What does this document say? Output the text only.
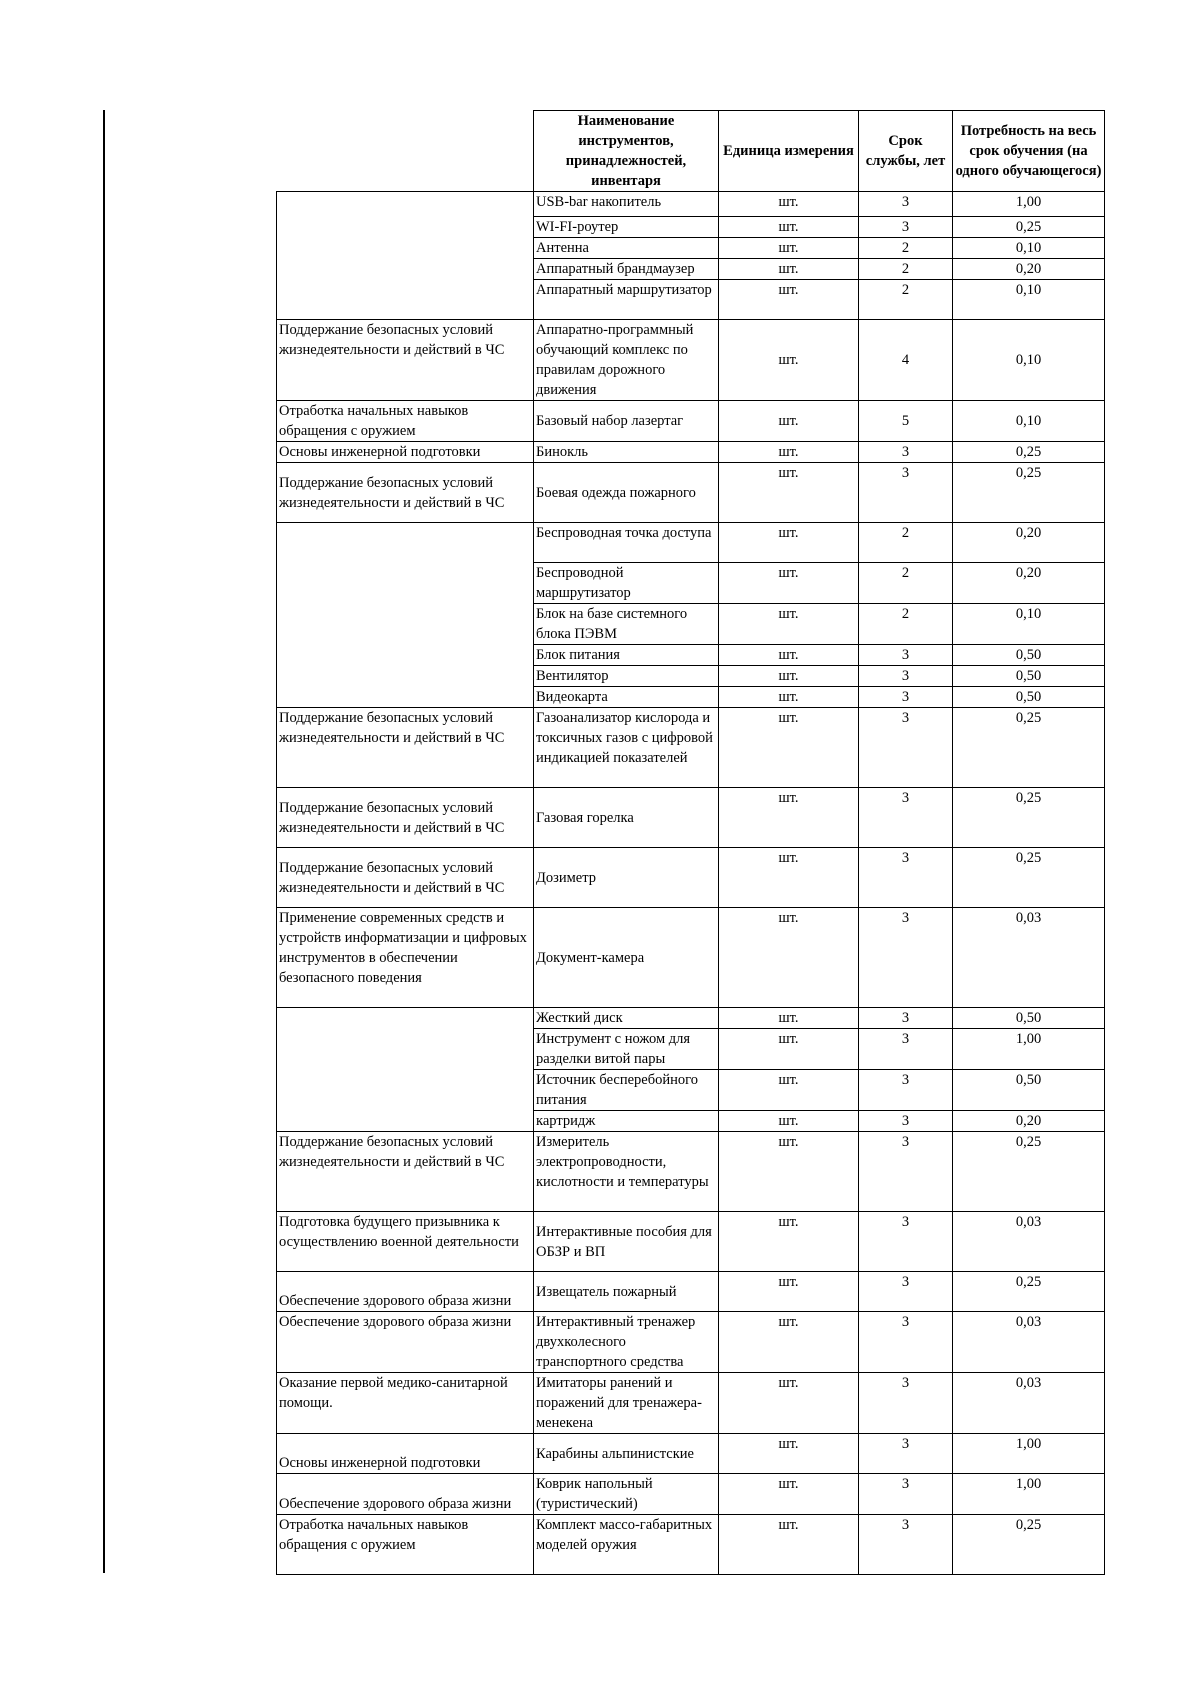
	Наименование инструментов, принадлежностей, инвентаря	Единица измерения	Срок службы, лет	Потребность на весь срок обучения (на одного обучающегося)
	USB-bar накопитель	шт.	3	1,00
	WI-FI-роутер	шт.	3	0,25
	Антенна	шт.	2	0,10
	Аппаратный брандмаузер	шт.	2	0,20
	Аппаратный маршрутизатор	шт.	2	0,10
Поддержание безопасных условий жизнедеятельности и действий в ЧС	Аппаратно-программный обучающий комплекс по правилам дорожного движения	шт.	4	0,10
Отработка начальных навыков обращения с оружием	Базовый набор лазертаг	шт.	5	0,10
Основы инженерной подготовки	Бинокль	шт.	3	0,25
Поддержание безопасных условий жизнедеятельности и действий в ЧС	Боевая одежда пожарного	шт.	3	0,25
	Беспроводная точка доступа	шт.	2	0,20
	Беспроводной маршрутизатор	шт.	2	0,20
	Блок на базе системного блока ПЭВМ	шт.	2	0,10
	Блок питания	шт.	3	0,50
	Вентилятор	шт.	3	0,50
	Видеокарта	шт.	3	0,50
Поддержание безопасных условий жизнедеятельности и действий в ЧС	Газоанализатор кислорода и токсичных газов с цифровой индикацией показателей	шт.	3	0,25
Поддержание безопасных условий жизнедеятельности и действий в ЧС	Газовая горелка	шт.	3	0,25
Поддержание безопасных условий жизнедеятельности и действий в ЧС	Дозиметр	шт.	3	0,25
Применение современных средств и устройств информатизации и цифровых инструментов в обеспечении безопасного поведения	Документ-камера	шт.	3	0,03
	Жесткий диск	шт.	3	0,50
	Инструмент с ножом для разделки витой пары	шт.	3	1,00
	Источник бесперебойного питания	шт.	3	0,50
	картридж	шт.	3	0,20
Поддержание безопасных условий жизнедеятельности и действий в ЧС	Измеритель электропроводности, кислотности и температуры	шт.	3	0,25
Подготовка будущего призывника к осуществлению военной деятельности	Интерактивные пособия для ОБЗР и ВП	шт.	3	0,03
Обеспечение здорового образа жизни	Извещатель пожарный	шт.	3	0,25
Обеспечение здорового образа жизни	Интерактивный тренажер двухколесного транспортного средства	шт.	3	0,03
Оказание первой медико-санитарной помощи.	Имитаторы ранений и поражений для тренажера-менекена	шт.	3	0,03
Основы инженерной подготовки	Карабины альпинистские	шт.	3	1,00
Обеспечение здорового образа жизни	Коврик напольный (туристический)	шт.	3	1,00
Отработка начальных навыков обращения с оружием	Комплект массо-габаритных моделей оружия	шт.	3	0,25
